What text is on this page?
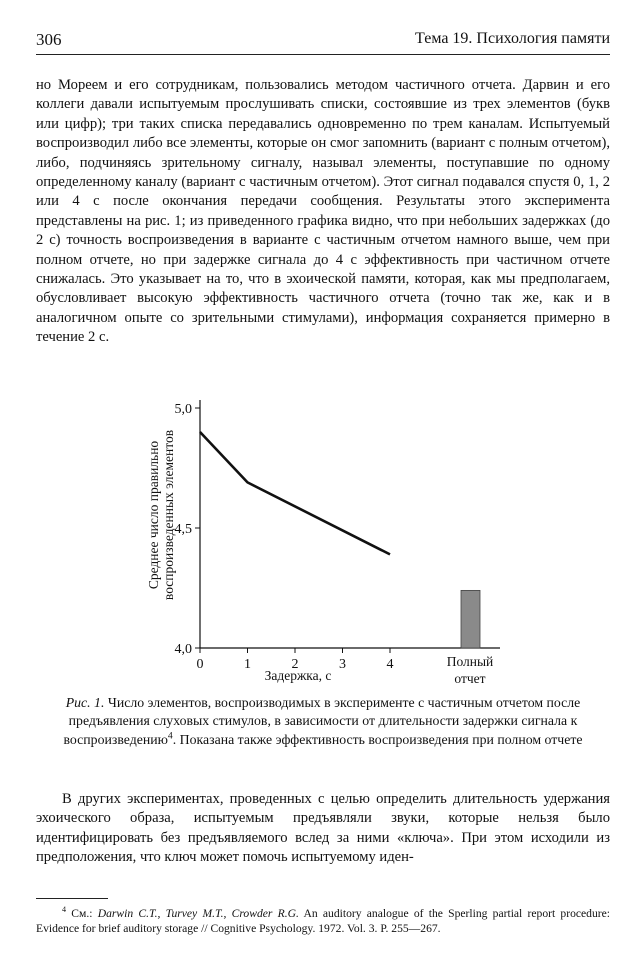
306	Тема 19. Психология памяти

но Мореем и его сотрудникам, пользовались методом частичного отчета. Дарвин и его коллеги давали испытуемым прослушивать списки, состоявшие из трех элементов (букв или цифр); три таких списка передавались одновременно по трем каналам. Испытуемый воспроизводил либо все элементы, которые он смог запомнить (вариант с полным отчетом), либо, подчиняясь зрительному сигналу, называл элементы, поступавшие по одному определенному каналу (вариант с частичным отчетом). Этот сигнал подавался спустя 0, 1, 2 или 4 с после окончания передачи сообщения. Результаты этого эксперимента представлены на рис. 1; из приведенного графика видно, что при небольших задержках (до 2 с) точность воспроизведения в варианте с частичным отчетом намного выше, чем при полном отчете, но при задержке сигнала до 4 с эффективность при частичном отчете снижалась. Это указывает на то, что в эхоической памяти, которая, как мы предполагаем, обусловливает высокую эффективность частичного отчета (точно так же, как и в аналогичном опыте со зрительными стимулами), информация сохраняется примерно в течение 2 с.

4,0
4,5
5,0
0	1	2	3	4
Среднее число правильно воспроизведенных элементов
Задержка, с
Полный
отчет

Рис. 1. Число элементов, воспроизводимых в эксперименте с частичным отчетом после предъявления слуховых стимулов, в зависимости от длительности задержки сигнала к воспроизведению$^4$. Показана также эффективность воспроизведения при полном отчете

В других экспериментах, проведенных с целью определить длительность удержания эхоического образа, испытуемым предъявляли звуки, которые нельзя было идентифицировать без предъявляемого вслед за ними «ключа». При этом исходили из предположения, что ключ может помочь испытуемому иден-

$^4$ См.: Darwin C.T., Turvey M.T., Crowder R.G. An auditory analogue of the Sperling partial report procedure: Evidence for brief auditory storage // Cognitive Psychology. 1972. Vol. 3. P. 255—267.
